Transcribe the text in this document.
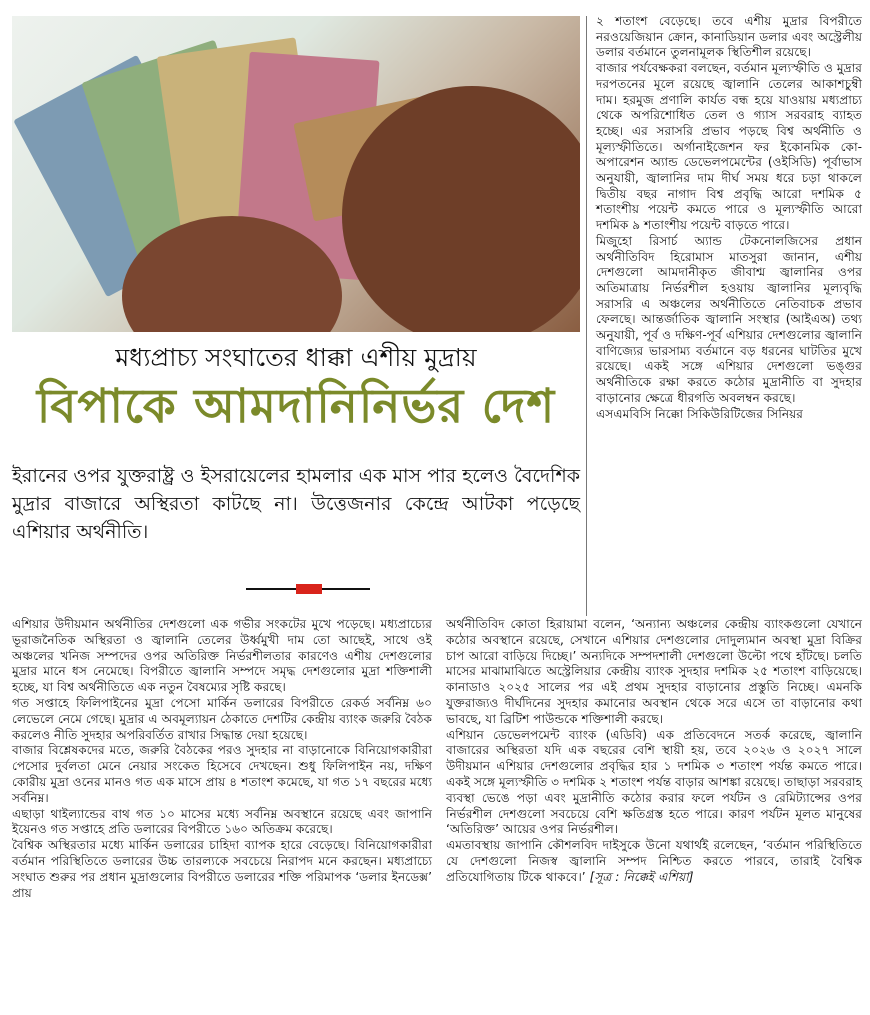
২ শতাংশ বেড়েছে। তবে এশীয় মুদ্রার বিপরীতে নরওয়েজিয়ান ক্রোন, কানাডিয়ান ডলার এবং অস্ট্রেলীয় ডলার বর্তমানে তুলনামূলক স্থিতিশীল রয়েছে।

বাজার পর্যবেক্ষকরা বলছেন, বর্তমান মূল্যস্ফীতি ও মুদ্রার দরপতনের মূলে রয়েছে জ্বালানি তেলের আকাশচুম্বী দাম। হরমুজ প্রণালি কার্যত বন্ধ হয়ে যাওয়ায় মধ্যপ্রাচ্য থেকে অপরিশোধিত তেল ও গ্যাস সরবরাহ ব্যাহত হচ্ছে। এর সরাসরি প্রভাব পড়ছে বিশ্ব অর্থনীতি ও মূল্যস্ফীতিতে। অর্গানাইজেশন ফর ইকোনমিক কো-অপারেশন অ্যান্ড ডেভেলপমেন্টের (ওইসিডি) পূর্বাভাস অনুযায়ী, জ্বালানির দাম দীর্ঘ সময় ধরে চড়া থাকলে দ্বিতীয় বছর নাগাদ বিশ্ব প্রবৃদ্ধি আরো দশমিক ৫ শতাংশীয় পয়েন্ট কমতে পারে ও মূল্যস্ফীতি আরো দশমিক ৯ শতাংশীয় পয়েন্ট বাড়তে পারে।

মিজুহো রিসার্চ অ্যান্ড টেকনোলজিসের প্রধান অর্থনীতিবিদ হিরোমাস মাতসুরা জানান, এশীয় দেশগুলো আমদানীকৃত জীবাশ্ম জ্বালানির ওপর অতিমাত্রায় নির্ভরশীল হওয়ায় জ্বালানির মূল্যবৃদ্ধি সরাসরি এ অঞ্চলের অর্থনীতিতে নেতিবাচক প্রভাব ফেলছে। আন্তর্জাতিক জ্বালানি সংস্থার (আইএঅ) তথ্য অনুযায়ী, পূর্ব ও দক্ষিণ-পূর্ব এশিয়ার দেশগুলোর জ্বালানি বাণিজ্যের ভারসাম্য বর্তমানে বড় ধরনের ঘাটতির মুখে রয়েছে। একই সঙ্গে এশিয়ার দেশগুলো ভঙ্গুর অর্থনীতিকে রক্ষা করতে কঠোর মুদ্রানীতি বা সুদহার বাড়ানোর ক্ষেত্রে ধীরগতি অবলম্বন করছে।

এসএমবিসি নিক্কো সিকিউরিটিজের সিনিয়র

মধ্যপ্রাচ্য সংঘাতের ধাক্কা এশীয় মুদ্রায়

বিপাকে আমদানিনির্ভর দেশ

ইরানের ওপর যুক্তরাষ্ট্র ও ইসরায়েলের হামলার এক মাস পার হলেও বৈদেশিক মুদ্রার বাজারে অস্থিরতা কাটছে না। উত্তেজনার কেন্দ্রে আটকা পড়েছে এশিয়ার অর্থনীতি।

এশিয়ার উদীয়মান অর্থনীতির দেশগুলো এক গভীর সংকটের মুখে পড়েছে। মধ্যপ্রাচ্যের ভূরাজনৈতিক অস্থিরতা ও জ্বালানি তেলের উর্ধ্বমুখী দাম তো আছেই, সাথে ওই অঞ্চলের খনিজ সম্পদের ওপর অতিরিক্ত নির্ভরশীলতার কারণেও এশীয় দেশগুলোর মুদ্রার মানে ধস নেমেছে। বিপরীতে জ্বালানি সম্পদে সমৃদ্ধ দেশগুলোর মুদ্রা শক্তিশালী হচ্ছে, যা বিশ্ব অর্থনীতিতে এক নতুন বৈষম্যের সৃষ্টি করছে।

গত সপ্তাহে ফিলিপাইনের মুদ্রা পেসো মার্কিন ডলারের বিপরীতে রেকর্ড সর্বনিম্ন ৬০ লেভেলে নেমে গেছে। মুদ্রার এ অবমূল্যায়ন ঠেকাতে দেশটির কেন্দ্রীয় ব্যাংক জরুরি বৈঠক করলেও নীতি সুদহার অপরিবর্তিত রাখার সিদ্ধান্ত দেয়া হয়েছে।

বাজার বিশ্লেষকদের মতে, জরুরি বৈঠকের পরও সুদহার না বাড়ানোকে বিনিয়োগকারীরা পেসোর দুর্বলতা মেনে নেয়ার সংকেত হিসেবে দেখছেন। শুধু ফিলিপাইন নয়, দক্ষিণ কোরীয় মুদ্রা ওনের মানও গত এক মাসে প্রায় ৪ শতাংশ কমেছে, যা গত ১৭ বছরের মধ্যে সর্বনিম্ন।

এছাড়া থাইল্যান্ডের বাথ গত ১০ মাসের মধ্যে সর্বনিম্ন অবস্থানে রয়েছে এবং জাপানি ইয়েনও গত সপ্তাহে প্রতি ডলারের বিপরীতে ১৬০ অতিক্রম করেছে।

বৈশ্বিক অস্থিরতার মধ্যে মার্কিন ডলারের চাহিদা ব্যাপক হারে বেড়েছে। বিনিয়োগকারীরা বর্তমান পরিস্থিতিতে ডলারের উচ্চ তারল্যকে সবচেয়ে নিরাপদ মনে করছেন। মধ্যপ্রাচ্যে সংঘাত শুরুর পর প্রধান মুদ্রাগুলোর বিপরীতে ডলারের শক্তি পরিমাপক ‘ডলার ইনডেক্স’ প্রায়

অর্থনীতিবিদ কোতা হিরায়ামা বলেন, ‘অন্যান্য অঞ্চলের কেন্দ্রীয় ব্যাংকগুলো যেখানে কঠোর অবস্থানে রয়েছে, সেখানে এশিয়ার দেশগুলোর দোদুল্যমান অবস্থা মুদ্রা বিক্রির চাপ আরো বাড়িয়ে দিচ্ছে।’ অন্যদিকে সম্পদশালী দেশগুলো উল্টো পথে হাঁটছে। চলতি মাসের মাঝামাঝিতে অস্ট্রেলিয়ার কেন্দ্রীয় ব্যাংক সুদহার দশমিক ২৫ শতাংশ বাড়িয়েছে। কানাডাও ২০২৫ সালের পর এই প্রথম সুদহার বাড়ানোর প্রস্তুতি নিচ্ছে। এমনকি যুক্তরাজ্যও দীর্ঘদিনের সুদহার কমানোর অবস্থান থেকে সরে এসে তা বাড়ানোর কথা ভাবছে, যা ব্রিটিশ পাউন্ডকে শক্তিশালী করছে।

এশিয়ান ডেভেলপমেন্ট ব্যাংক (এডিবি) এক প্রতিবেদনে সতর্ক করেছে, জ্বালানি বাজারের অস্থিরতা যদি এক বছরের বেশি স্থায়ী হয়, তবে ২০২৬ ও ২০২৭ সালে উদীয়মান এশিয়ার দেশগুলোর প্রবৃদ্ধির হার ১ দশমিক ৩ শতাংশ পর্যন্ত কমতে পারে। একই সঙ্গে মূল্যস্ফীতি ৩ দশমিক ২ শতাংশ পর্যন্ত বাড়ার আশঙ্কা রয়েছে। তাছাড়া সরবরাহ ব্যবস্থা ভেঙে পড়া এবং মুদ্রানীতি কঠোর করার ফলে পর্যটন ও রেমিট্যান্সের ওপর নির্ভরশীল দেশগুলো সবচেয়ে বেশি ক্ষতিগ্রস্ত হতে পারে। কারণ পর্যটন মূলত মানুষের ‘অতিরিক্ত’ আয়ের ওপর নির্ভরশীল।

এমতাবস্থায় জাপানি কৌশলবিদ দাইসুকে উনো যথার্থই রলেছেন, ‘বর্তমান পরিস্থিতিতে যে দেশগুলো নিজস্ব জ্বালানি সম্পদ নিশ্চিত করতে পারবে, তারাই বৈশ্বিক প্রতিযোগিতায় টিকে থাকবে।’ [সূত্র : নিক্কেই এশিয়া]
